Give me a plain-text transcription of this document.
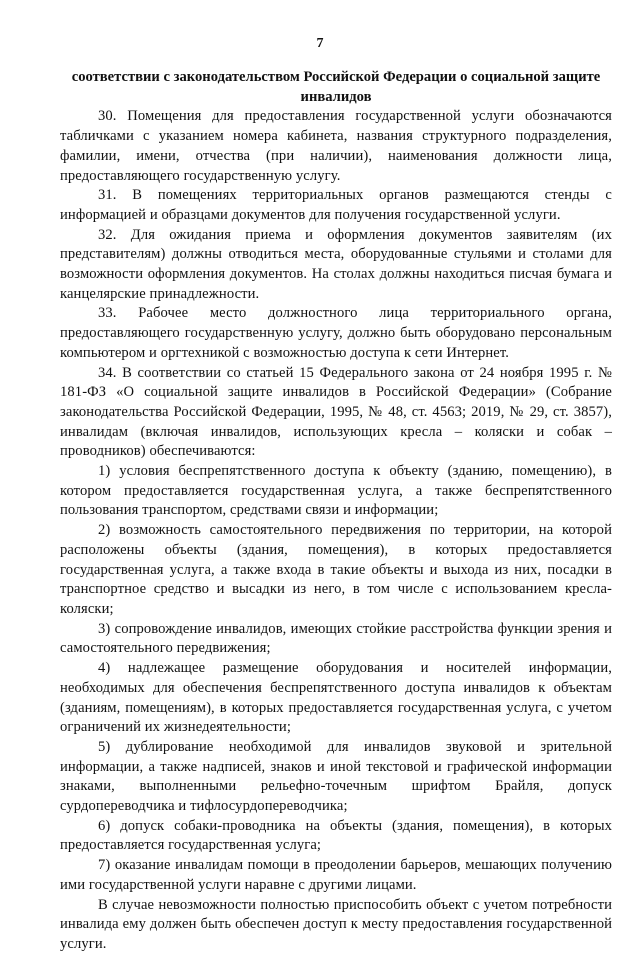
7
соответствии с законодательством Российской Федерации о социальной защите инвалидов

30. Помещения для предоставления государственной услуги обозначаются табличками с указанием номера кабинета, названия структурного подразделения, фамилии, имени, отчества (при наличии), наименования должности лица, предоставляющего государственную услугу.

31. В помещениях территориальных органов размещаются стенды с информацией и образцами документов для получения государственной услуги.

32. Для ожидания приема и оформления документов заявителям (их представителям) должны отводиться места, оборудованные стульями и столами для возможности оформления документов. На столах должны находиться писчая бумага и канцелярские принадлежности.

33. Рабочее место должностного лица территориального органа, предоставляющего государственную услугу, должно быть оборудовано персональным компьютером и оргтехникой с возможностью доступа к сети Интернет.

34. В соответствии со статьей 15 Федерального закона от 24 ноября 1995 г. № 181-ФЗ «О социальной защите инвалидов в Российской Федерации» (Собрание законодательства Российской Федерации, 1995, № 48, ст. 4563; 2019, № 29, ст. 3857), инвалидам (включая инвалидов, использующих кресла – коляски и собак – проводников) обеспечиваются:

1) условия беспрепятственного доступа к объекту (зданию, помещению), в котором предоставляется государственная услуга, а также беспрепятственного пользования транспортом, средствами связи и информации;

2) возможность самостоятельного передвижения по территории, на которой расположены объекты (здания, помещения), в которых предоставляется государственная услуга, а также входа в такие объекты и выхода из них, посадки в транспортное средство и высадки из него, в том числе с использованием кресла-коляски;

3) сопровождение инвалидов, имеющих стойкие расстройства функции зрения и самостоятельного передвижения;

4) надлежащее размещение оборудования и носителей информации, необходимых для обеспечения беспрепятственного доступа инвалидов к объектам (зданиям, помещениям), в которых предоставляется государственная услуга, с учетом ограничений их жизнедеятельности;

5) дублирование необходимой для инвалидов звуковой и зрительной информации, а также надписей, знаков и иной текстовой и графической информации знаками, выполненными рельефно-точечным шрифтом Брайля, допуск сурдопереводчика и тифлосурдопереводчика;

6) допуск собаки-проводника на объекты (здания, помещения), в которых предоставляется государственная услуга;

7) оказание инвалидам помощи в преодолении барьеров, мешающих получению ими государственной услуги наравне с другими лицами.

В случае невозможности полностью приспособить объект с учетом потребности инвалида ему должен быть обеспечен доступ к месту предоставления государственной услуги.
